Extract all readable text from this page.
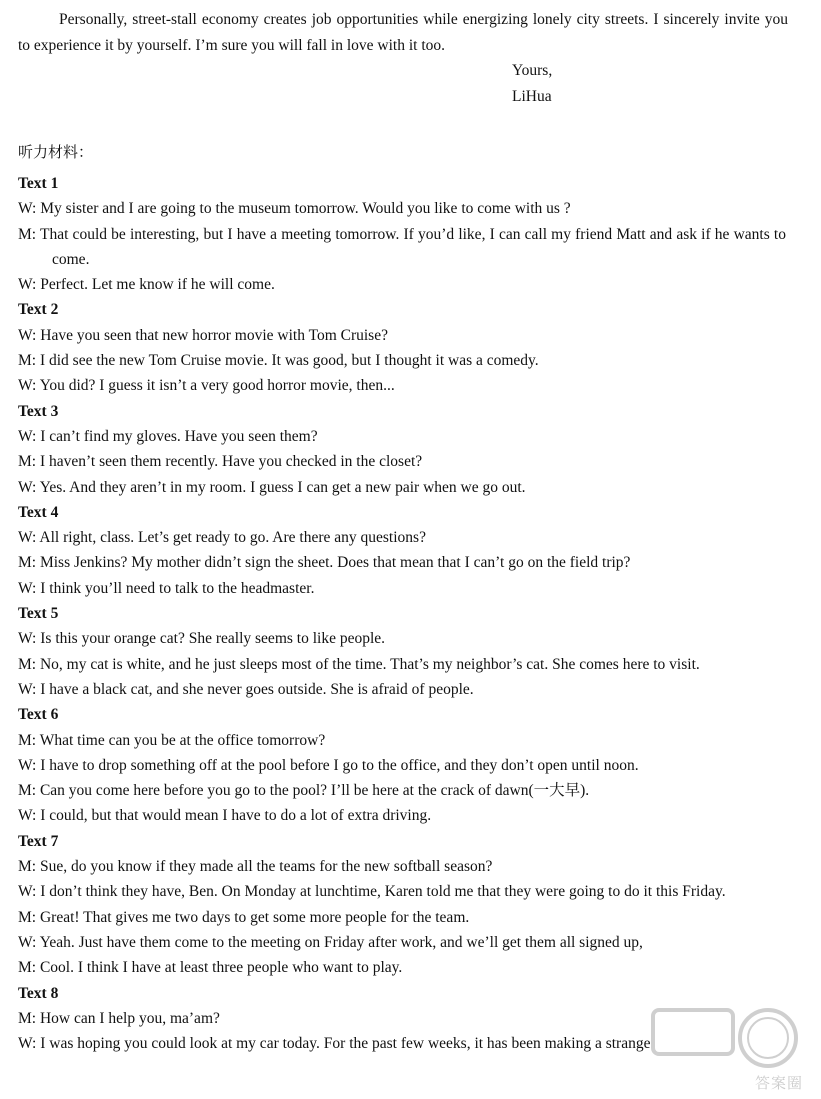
Personally, street-stall economy creates job opportunities while energizing lonely city streets. I sincerely invite you to experience it by yourself. I’m sure you will fall in love with it too.
Yours,
LiHua
听力材料：
Text 1
W: My sister and I are going to the museum tomorrow. Would you like to come with us ?
M: That could be interesting, but I have a meeting tomorrow. If you’d like, I can call my friend Matt and ask if he wants to come.
W: Perfect. Let me know if he will come.
Text 2
W: Have you seen that new horror movie with Tom Cruise?
M: I did see the new Tom Cruise movie. It was good, but I thought it was a comedy.
W: You did? I guess it isn’t a very good horror movie, then...
Text 3
W: I can’t find my gloves. Have you seen them?
M: I haven’t seen them recently. Have you checked in the closet?
W: Yes. And they aren’t in my room. I guess I can get a new pair when we go out.
Text 4
W: All right, class. Let’s get ready to go. Are there any questions?
M: Miss Jenkins? My mother didn’t sign the sheet. Does that mean that I can’t go on the field trip?
W: I think you’ll need to talk to the headmaster.
Text 5
W: Is this your orange cat? She really seems to like people.
M: No, my cat is white, and he just sleeps most of the time. That’s my neighbor’s cat. She comes here to visit.
W: I have a black cat, and she never goes outside. She is afraid of people.
Text 6
M: What time can you be at the office tomorrow?
W: I have to drop something off at the pool before I go to the office, and they don’t open until noon.
M: Can you come here before you go to the pool? I’ll be here at the crack of dawn(一大早).
W: I could, but that would mean I have to do a lot of extra driving.
Text 7
M: Sue, do you know if they made all the teams for the new softball season?
W: I don’t think they have, Ben. On Monday at lunchtime, Karen told me that they were going to do it this Friday.
M: Great! That gives me two days to get some more people for the team.
W: Yeah. Just have them come to the meeting on Friday after work, and we’ll get them all signed up,
M: Cool. I think I have at least three people who want to play.
Text 8
M: How can I help you, ma’am?
W: I was hoping you could look at my car today. For the past few weeks, it has been making a strange
答案圈
